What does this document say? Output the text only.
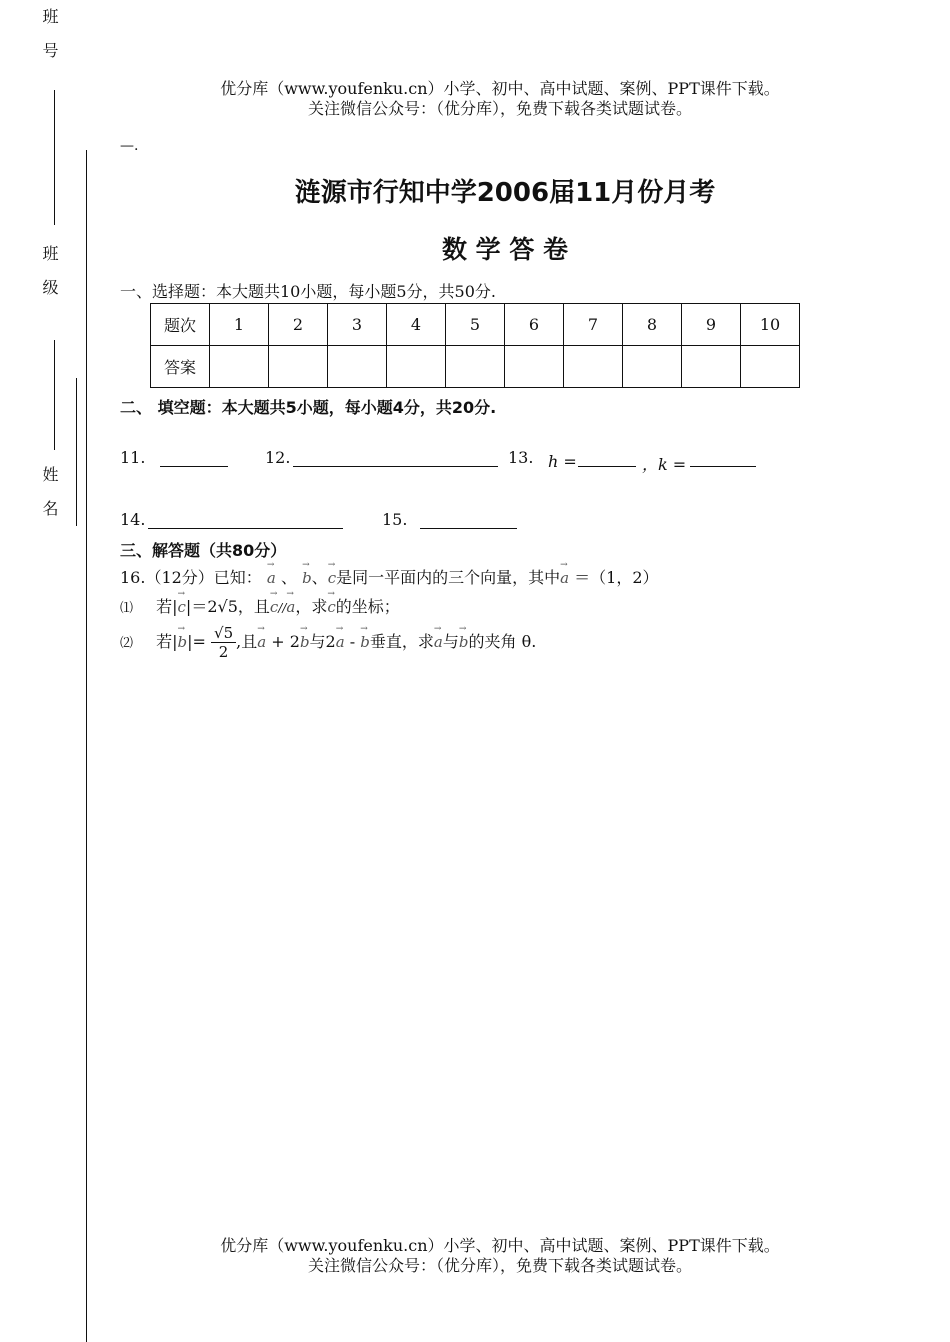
优分库（www.youfenku.cn）小学、初中、高中试题、案例、PPT课件下载。
关注微信公众号：（优分库），免费下载各类试题试卷。
班号
班级
姓名
—.
涟源市行知中学2006届11月份月考
数 学 答 卷
一、选择题：本大题共10小题，每小题5分，共50分.
题次	1	2	3	4	5	6	7	8	9	10
答案										
二、 填空题：本大题共5小题，每小题4分，共20分.
11.	12.	13. h =	，k =
14.	15.
三、解答题（共80分）
16.（12分）已知： → a 、 → b、→ c是同一平面内的三个向量，其中→ a ＝（1，2）
⑴ 若|→ c|＝2√5，且→ c//→ a，求→ c的坐标；
⑵ 若|→ $b|= \frac{√5}{2}$ ,且→ a + 2→ b与2→ a - → b垂直，求→ a与→ b的夹角 θ.
优分库（www.youfenku.cn）小学、初中、高中试题、案例、PPT课件下载。
关注微信公众号：（优分库），免费下载各类试题试卷。
